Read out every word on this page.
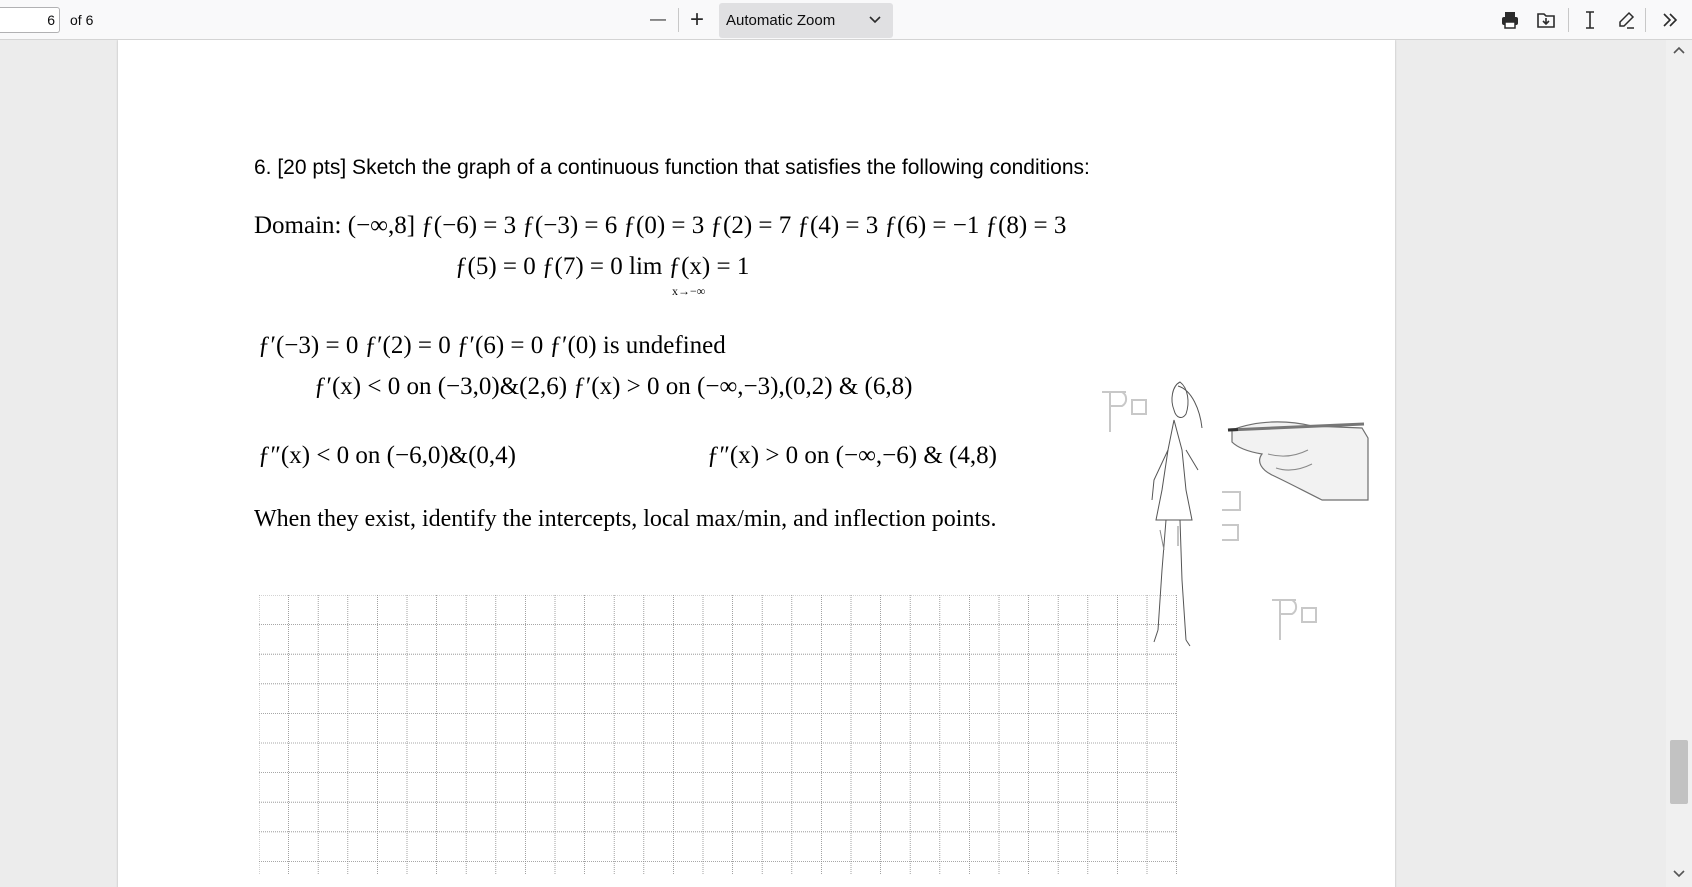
6
of 6	— + Automatic Zoom
6. [20 pts] Sketch the graph of a continuous function that satisfies the following conditions:
Domain: (−∞,8] ƒ(−6) = 3 ƒ(−3) = 6 ƒ(0) = 3 ƒ(2) = 7 ƒ(4) = 3 ƒ(6) = −1 ƒ(8) = 3
ƒ(5) = 0 ƒ(7) = 0 lim ƒ(x) = 1
x→−∞
ƒ′(−3) = 0 ƒ′(2) = 0 ƒ′(6) = 0 ƒ′(0) is undefined
ƒ′(x) < 0 on (−3,0)&(2,6) ƒ′(x) > 0 on (−∞,−3),(0,2) & (6,8)
ƒ″(x) < 0 on (−6,0)&(0,4)	ƒ″(x) > 0 on (−∞,−6) & (4,8)
When they exist, identify the intercepts, local max/min, and inflection points.
